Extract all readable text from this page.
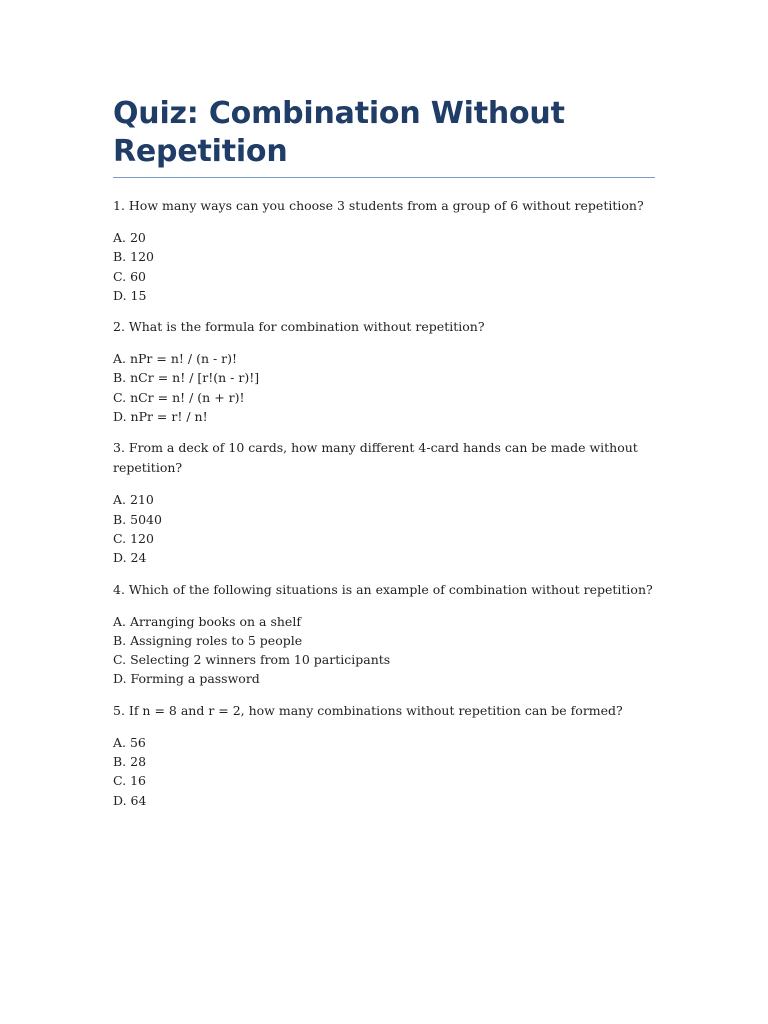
Quiz: Combination Without Repetition

1. How many ways can you choose 3 students from a group of 6 without repetition?

A. 20
B. 120
C. 60
D. 15

2. What is the formula for combination without repetition?

A. nPr = n! / (n - r)!
B. nCr = n! / [r!(n - r)!]
C. nCr = n! / (n + r)!
D. nPr = r! / n!

3. From a deck of 10 cards, how many different 4-card hands can be made without repetition?

A. 210
B. 5040
C. 120
D. 24

4. Which of the following situations is an example of combination without repetition?

A. Arranging books on a shelf
B. Assigning roles to 5 people
C. Selecting 2 winners from 10 participants
D. Forming a password

5. If n = 8 and r = 2, how many combinations without repetition can be formed?

A. 56
B. 28
C. 16
D. 64
